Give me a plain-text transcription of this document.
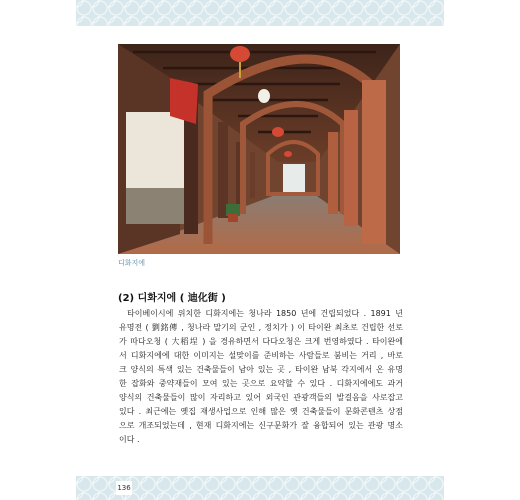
디화지에
(2) 디화지에 ( 迪化街 )
타이베이시에 위치한 디화지에는 청나라 1850 년에 건립되었다 . 1891 년
유명전 ( 劉銘傳 , 청나라 말기의 군인 , 정치가 ) 이 타이완 최초로 건립한 선로
가 따다오청 ( 大稻埕 ) 을 경유하면서 다다오청은 크게 번영하였다 . 타이완에
서 디화지에에 대한 이미지는 설맞이를 준비하는 사람들로 붐비는 거리 , 바로
크 양식의 특색 있는 건축물들이 남아 있는 곳 , 타이완 남북 각지에서 온 유명
한 잡화와 중약재들이 모여 있는 곳으로 요약할 수 있다 . 디화지에에도 과거
양식의 건축물들이 많이 자리하고 있어 외국인 관광객들의 발걸음을 사로잡고
있다 . 최근에는 옛집 재생사업으로 인해 많은 옛 건축물들이 문화콘텐츠 상점
으로 개조되었는데 , 현재 디화지에는 신구문화가 잘 융합되어 있는 관광 명소
이다 .
136
